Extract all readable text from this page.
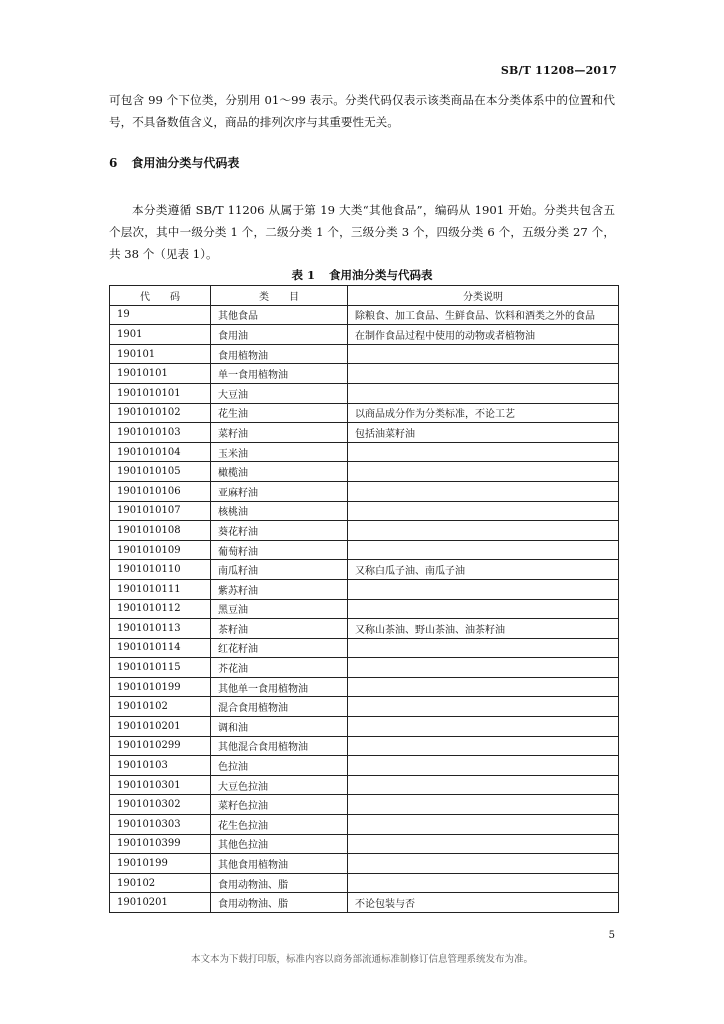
SB/T 11208—2017

可包含 99 个下位类，分别用 01～99 表示。分类代码仅表示该类商品在本分类体系中的位置和代号，不具备数值含义，商品的排列次序与其重要性无关。

6 食用油分类与代码表

本分类遵循 SB/T 11206 从属于第 19 大类“其他食品”，编码从 1901 开始。分类共包含五个层次，其中一级分类 1 个，二级分类 1 个，三级分类 3 个，四级分类 6 个，五级分类 27 个，共 38 个（见表 1）。

表 1 食用油分类与代码表

代　　码	类　　目	分类说明
19	其他食品	除粮食、加工食品、生鲜食品、饮料和酒类之外的食品
1901	食用油	在制作食品过程中使用的动物或者植物油
190101	食用植物油	
19010101	单一食用植物油	
1901010101	大豆油	
1901010102	花生油	以商品成分作为分类标准，不论工艺
1901010103	菜籽油	包括油菜籽油
1901010104	玉米油	
1901010105	橄榄油	
1901010106	亚麻籽油	
1901010107	核桃油	
1901010108	葵花籽油	
1901010109	葡萄籽油	
1901010110	南瓜籽油	又称白瓜子油、南瓜子油
1901010111	紫苏籽油	
1901010112	黑豆油	
1901010113	茶籽油	又称山茶油、野山茶油、油茶籽油
1901010114	红花籽油	
1901010115	芥花油	
1901010199	其他单一食用植物油	
19010102	混合食用植物油	
1901010201	调和油	
1901010299	其他混合食用植物油	
19010103	色拉油	
1901010301	大豆色拉油	
1901010302	菜籽色拉油	
1901010303	花生色拉油	
1901010399	其他色拉油	
19010199	其他食用植物油	
190102	食用动物油、脂	
19010201	食用动物油、脂	不论包装与否
5

本文本为下载打印版，标准内容以商务部流通标准制修订信息管理系统发布为准。
